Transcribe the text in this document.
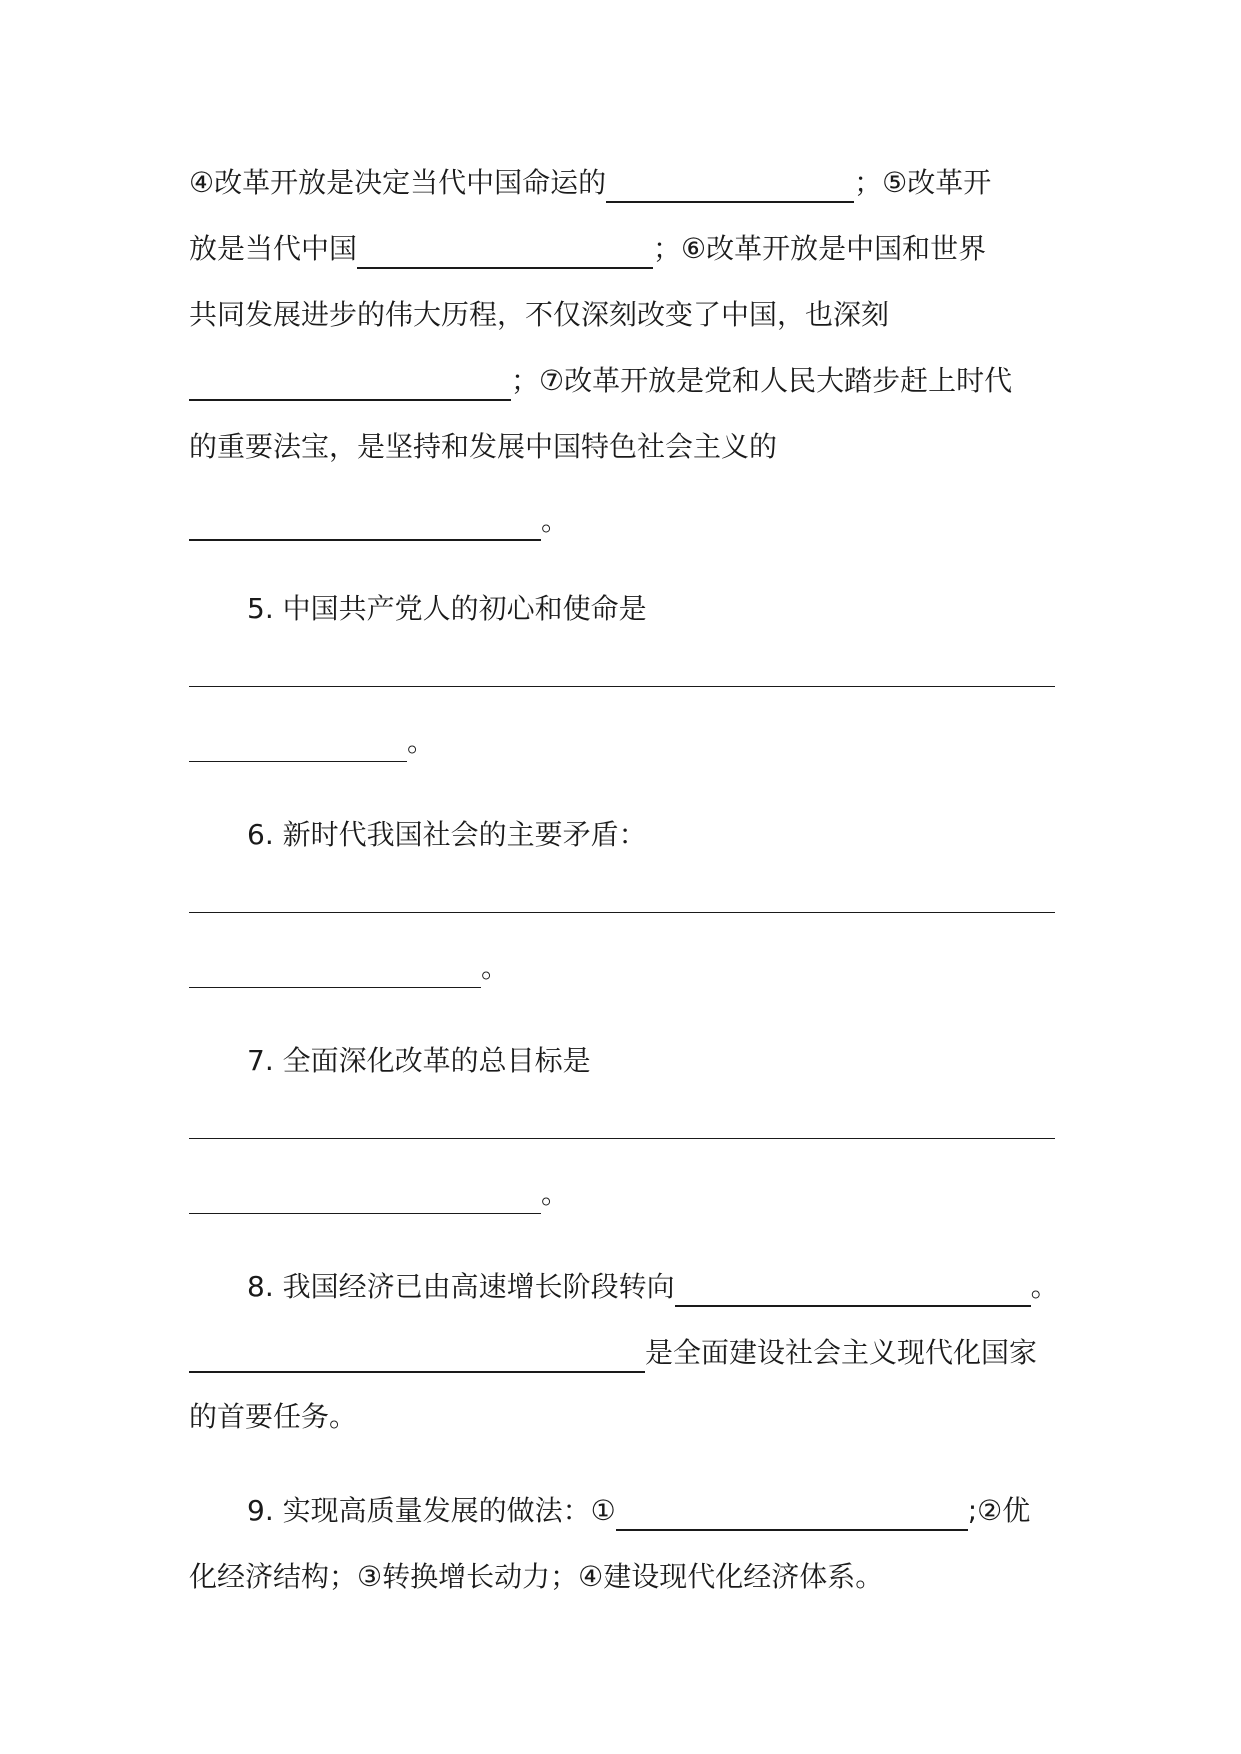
④改革开放是决定当代中国命运的	；⑤改革开
放是当代中国	；⑥改革开放是中国和世界
共同发展进步的伟大历程，不仅深刻改变了中国，也深刻
；⑦改革开放是党和人民大踏步赶上时代
的重要法宝，是坚持和发展中国特色社会主义的
。
5. 中国共产党人的初心和使命是
。
6. 新时代我国社会的主要矛盾：
。
7. 全面深化改革的总目标是
。
8. 我国经济已由高速增长阶段转向	。
是全面建设社会主义现代化国家
的首要任务。
9. 实现高质量发展的做法：①	;②优
化经济结构；③转换增长动力；④建设现代化经济体系。
